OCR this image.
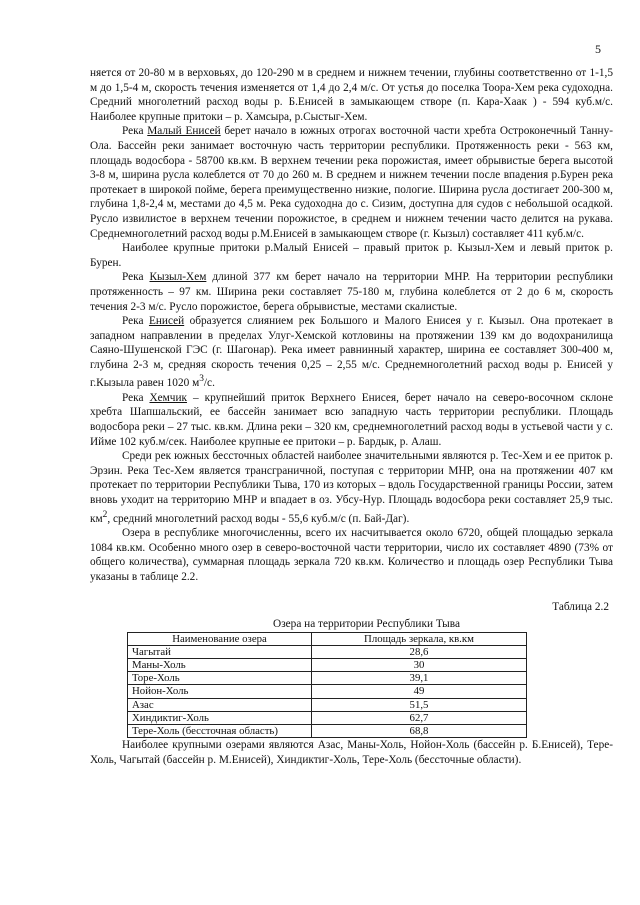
5

няется от 20-80 м в верховьях, до 120-290 м в среднем и нижнем течении, глубины соответственно от 1-1,5 м до 1,5-4 м, скорость течения изменяется от 1,4 до 2,4 м/с. От устья до поселка Тоора-Хем река судоходна. Средний многолетний расход воды р. Б.Енисей в замыкающем створе (п. Кара-Хаак ) - 594 куб.м/с. Наиболее крупные притоки – р. Хамсыра, р.Сыстыг-Хем.

Река Малый Енисей берет начало в южных отрогах восточной части хребта Остроконечный Танну-Ола. Бассейн реки занимает восточную часть территории республики. Протяженность реки - 563 км, площадь водосбора - 58700 кв.км. В верхнем течении река порожистая, имеет обрывистые берега высотой 3-8 м, ширина русла колеблется от 70 до 260 м. В среднем и нижнем течении после впадения р.Бурен река протекает в широкой пойме, берега преимущественно низкие, пологие. Ширина русла достигает 200-300 м, глубина 1,8-2,4 м, местами до 4,5 м. Река судоходна до с. Сизим, доступна для судов с небольшой осадкой. Русло извилистое в верхнем течении порожистое, в среднем и нижнем течении часто делится на рукава. Среднемноголетний расход воды р.М.Енисей в замыкающем створе (г. Кызыл) составляет 411 куб.м/с.

Наиболее крупные притоки р.Малый Енисей – правый приток р. Кызыл-Хем и левый приток р. Бурен.

Река Кызыл-Хем длиной 377 км берет начало на территории МНР. На территории республики протяженность – 97 км. Ширина реки составляет 75-180 м, глубина колеблется от 2 до 6 м, скорость течения 2-3 м/с. Русло порожистое, берега обрывистые, местами скалистые.

Река Енисей образуется слиянием рек Большого и Малого Енисея у г. Кызыл. Она протекает в западном направлении в пределах Улуг-Хемской котловины на протяжении 139 км до водохранилища Саяно-Шушенской ГЭС (г. Шагонар). Река имеет равнинный характер, ширина ее составляет 300-400 м, глубина 2-3 м, средняя скорость течения 0,25 – 2,55 м/с. Среднемноголетний расход воды р. Енисей у г.Кызыла равен 1020 $м^3/с$.

Река Хемчик – крупнейший приток Верхнего Енисея, берет начало на северо-восочном склоне хребта Шапшальский, ее бассейн занимает всю западную часть территории республики. Площадь водосбора реки – 27 тыс. кв.км. Длина реки – 320 км, среднемноголетний расход воды в устьевой части у с. Ийме 102 куб.м/сек. Наиболее крупные ее притоки – р. Бардык, р. Алаш.

Среди рек южных бессточных областей наиболее значительными являются р. Тес-Хем и ее приток р. Эрзин. Река Тес-Хем является трансграничной, поступая с территории МНР, она на протяжении 407 км протекает по территории Республики Тыва, 170 из которых – вдоль Государственной границы России, затем вновь уходит на территорию МНР и впадает в оз. Убсу-Нур. Площадь водосбора реки составляет 25,9 тыс. $км^2$, средний многолетний расход воды - 55,6 куб.м/с (п. Бай-Даг).

Озера в республике многочисленны, всего их насчитывается около 6720, общей площадью зеркала 1084 кв.км. Особенно много озер в северо-восточной части территории, число их составляет 4890 (73% от общего количества), суммарная площадь зеркала 720 кв.км. Количество и площадь озер Республики Тыва указаны в таблице 2.2.

Таблица 2.2
Озера на территории Республики Тыва
Наименование озера	Площадь зеркала, кв.км
Чагытай	28,6
Маны-Холь	30
Торе-Холь	39,1
Нойон-Холь	49
Азас	51,5
Хиндиктиг-Холь	62,7
Тере-Холь (бессточная область)	68,8

Наиболее крупными озерами являются Азас, Маны-Холь, Нойон-Холь (бассейн р. Б.Енисей), Тере-Холь, Чагытай (бассейн р. М.Енисей), Хиндиктиг-Холь, Тере-Холь (бессточные области).
